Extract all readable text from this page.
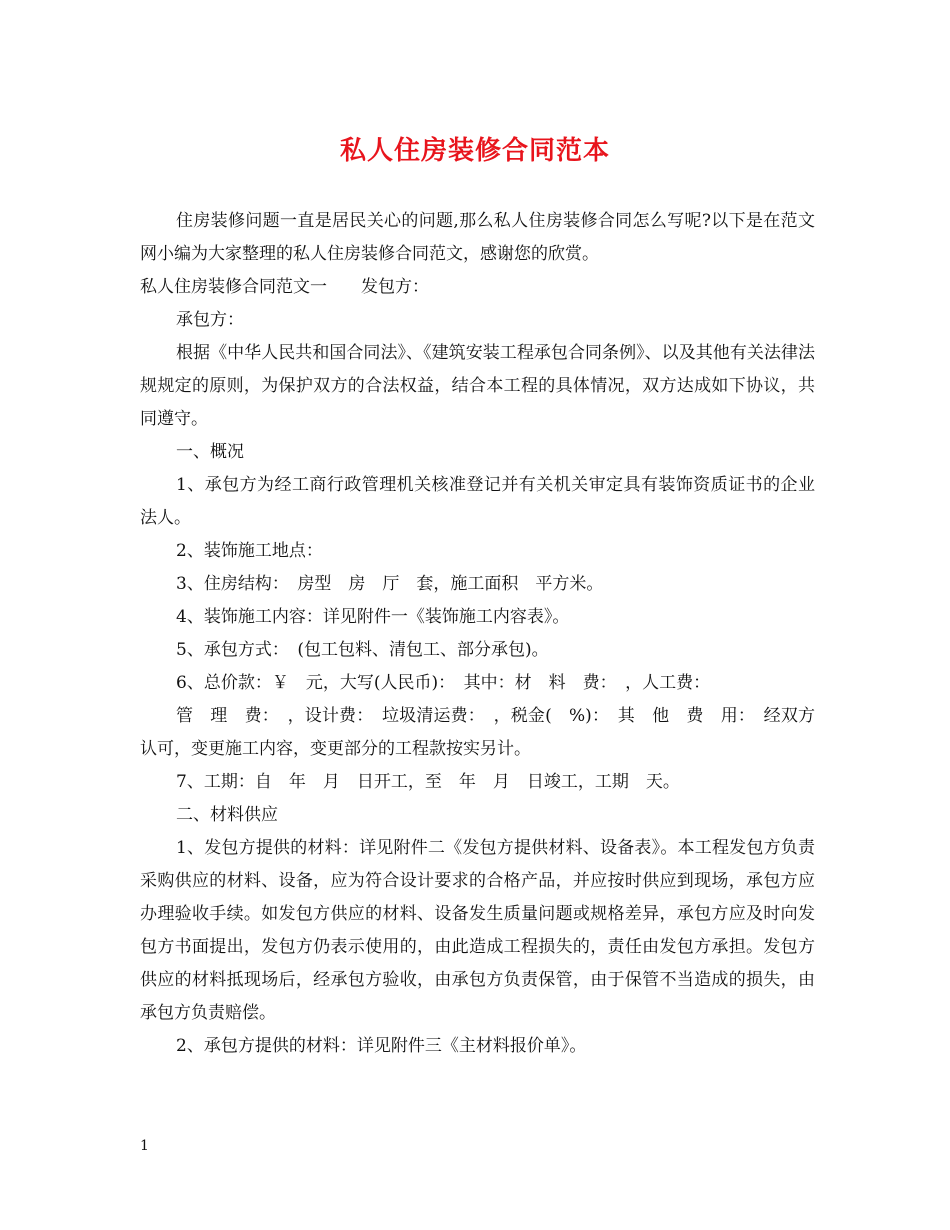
私人住房装修合同范本

住房装修问题一直是居民关心的问题,那么私人住房装修合同怎么写呢?以下是在范文网小编为大家整理的私人住房装修合同范文，感谢您的欣赏。

私人住房装修合同范文一　　发包方：

承包方：

根据《中华人民共和国合同法》、《建筑安装工程承包合同条例》、以及其他有关法律法规规定的原则，为保护双方的合法权益，结合本工程的具体情况，双方达成如下协议，共同遵守。

一、概况

1、承包方为经工商行政管理机关核准登记并有关机关审定具有装饰资质证书的企业法人。

2、装饰施工地点：

3、住房结构：　房型　房　厅　套，施工面积　平方米。

4、装饰施工内容：详见附件一《装饰施工内容表》。

5、承包方式：　(包工包料、清包工、部分承包)。

6、总价款：￥　元，大写(人民币)：　其中：材　料　费：　，人工费：

管　理　费：　，设计费：　垃圾清运费：　，税金(　%)：　其　他　费　用：　经双方认可，变更施工内容，变更部分的工程款按实另计。

7、工期：自　年　月　日开工，至　年　月　日竣工，工期　天。

二、材料供应

1、发包方提供的材料：详见附件二《发包方提供材料、设备表》。本工程发包方负责采购供应的材料、设备，应为符合设计要求的合格产品，并应按时供应到现场，承包方应办理验收手续。如发包方供应的材料、设备发生质量问题或规格差异，承包方应及时向发包方书面提出，发包方仍表示使用的，由此造成工程损失的，责任由发包方承担。发包方供应的材料抵现场后，经承包方验收，由承包方负责保管，由于保管不当造成的损失，由承包方负责赔偿。

2、承包方提供的材料：详见附件三《主材料报价单》。

1
